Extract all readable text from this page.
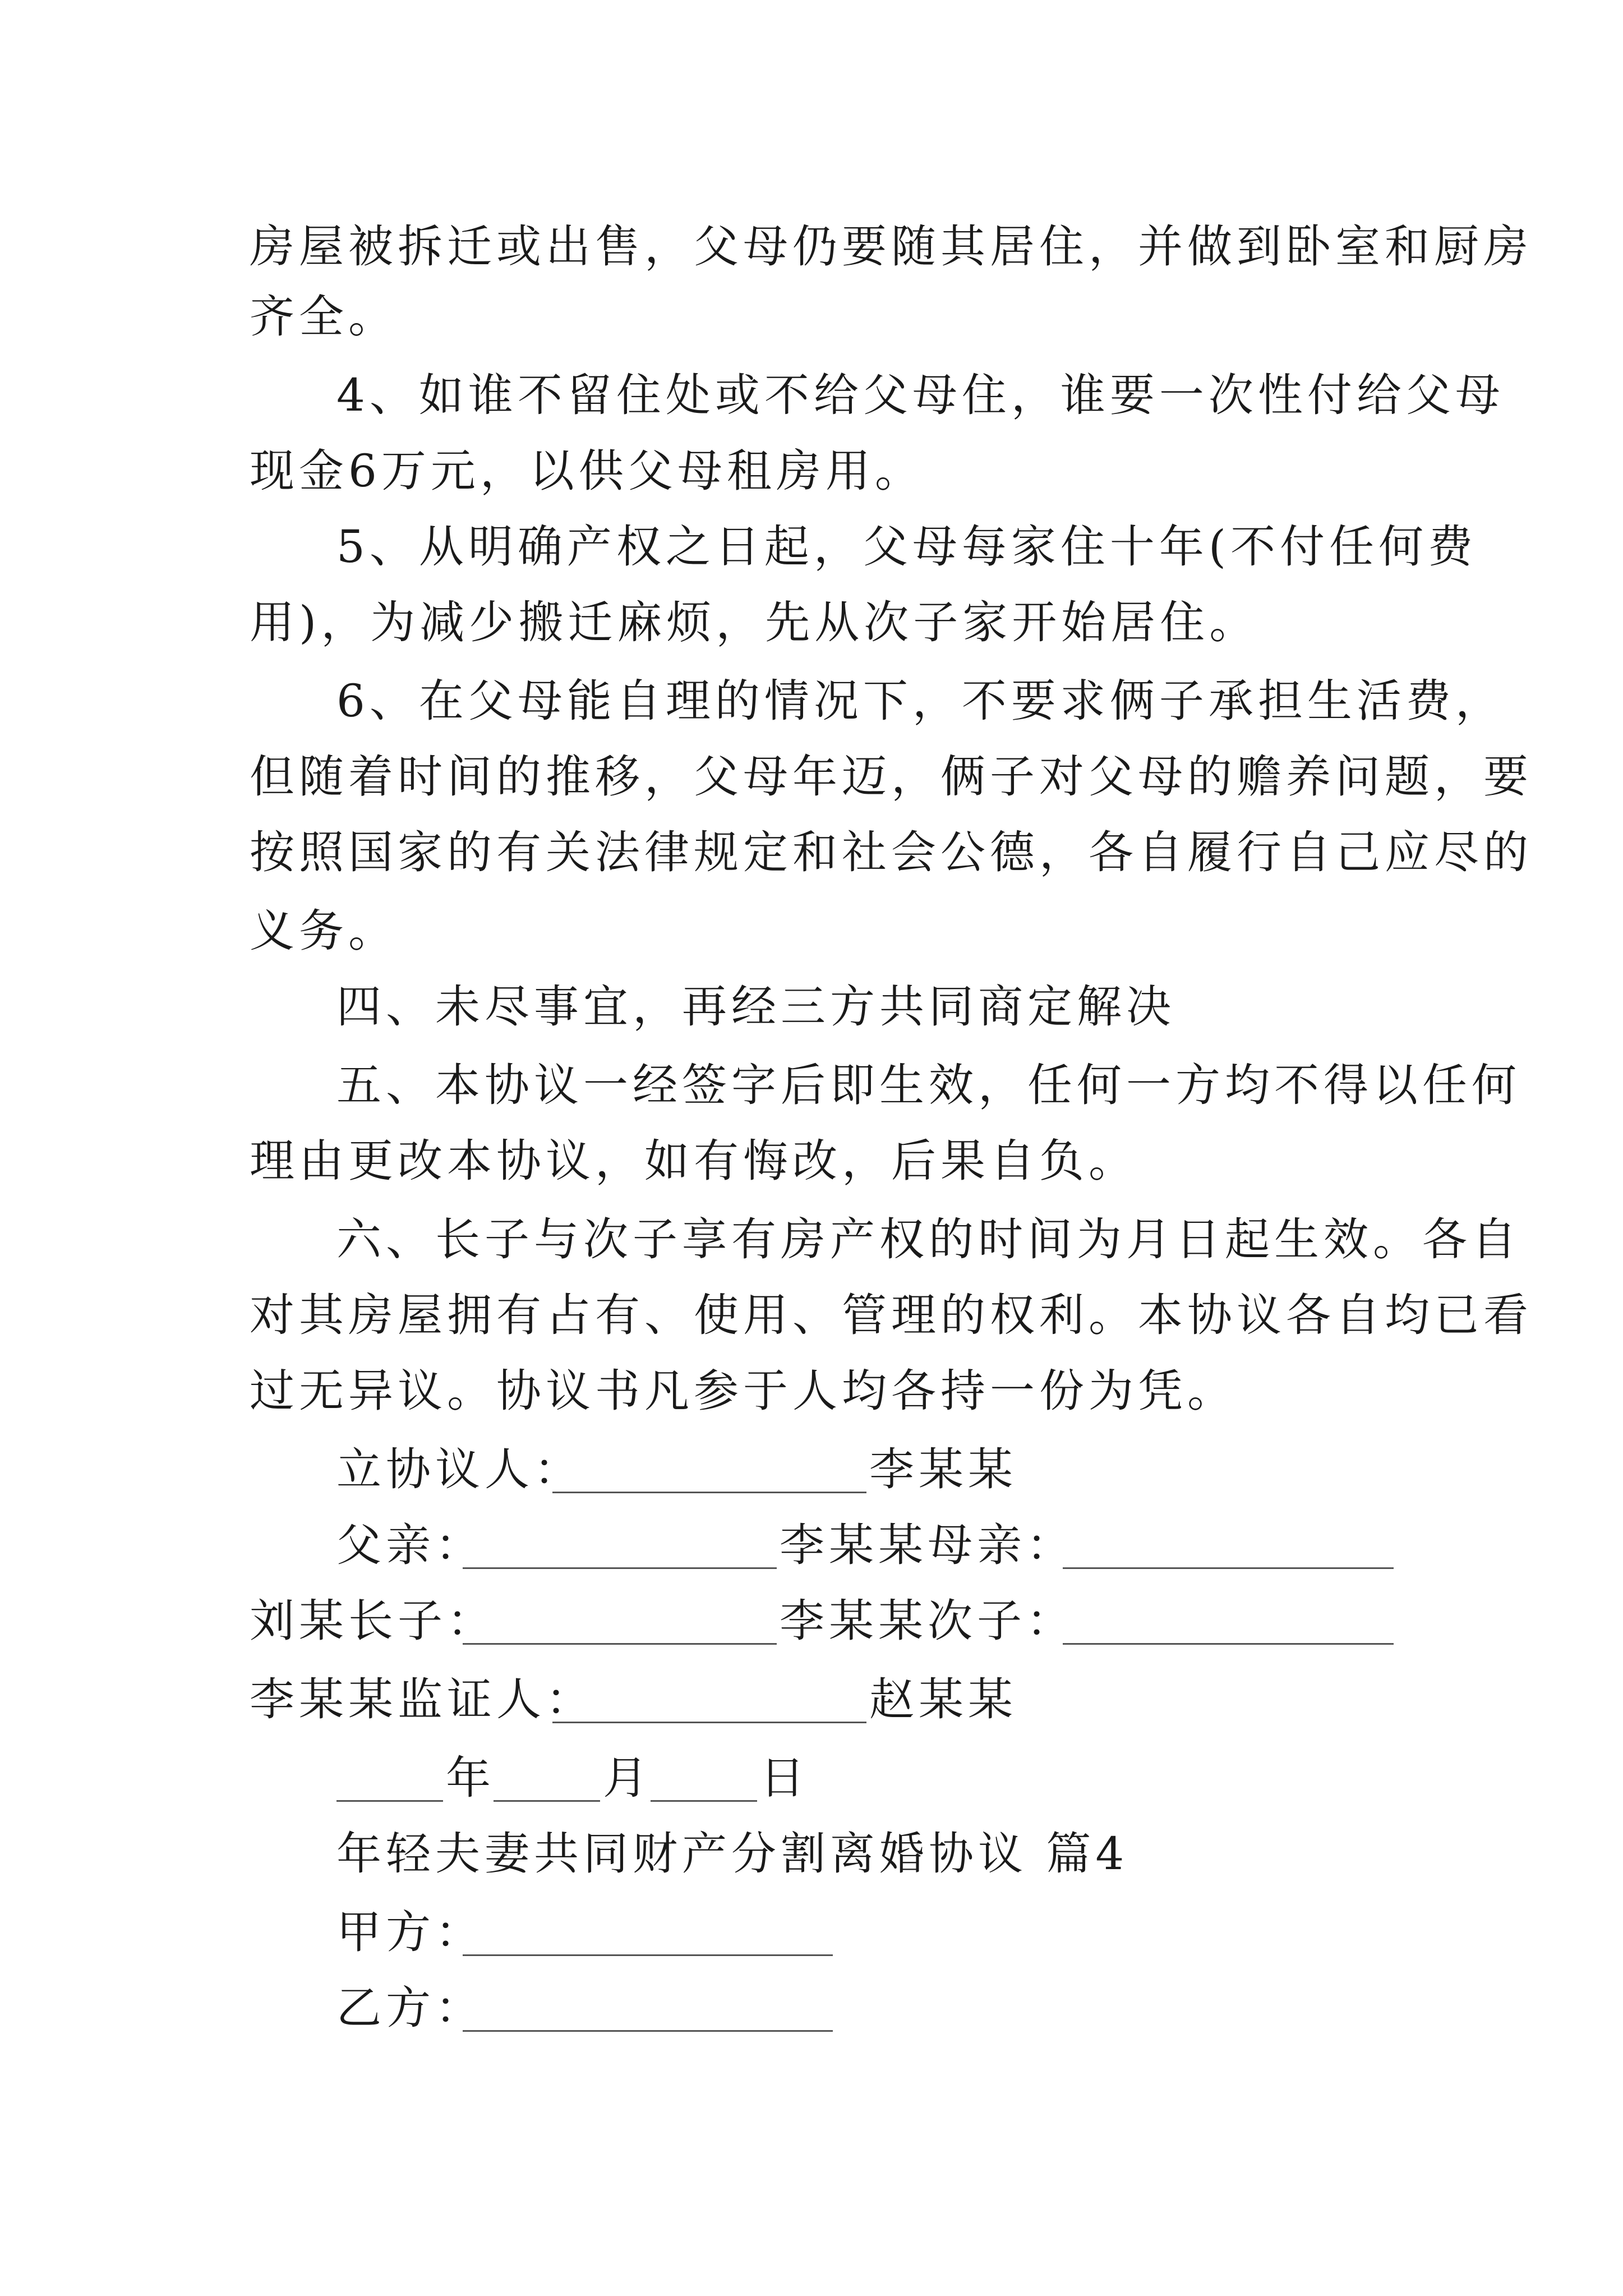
房屋被拆迁或出售，父母仍要随其居住，并做到卧室和厨房
齐全。
4、如谁不留住处或不给父母住，谁要一次性付给父母
现金6万元，以供父母租房用。
5、从明确产权之日起，父母每家住十年(不付任何费
用)，为减少搬迁麻烦，先从次子家开始居住。
6、在父母能自理的情况下，不要求俩子承担生活费，
但随着时间的推移，父母年迈，俩子对父母的赡养问题，要
按照国家的有关法律规定和社会公德，各自履行自己应尽的
义务。
四、未尽事宜，再经三方共同商定解决
五、本协议一经签字后即生效，任何一方均不得以任何
理由更改本协议，如有悔改，后果自负。
六、长子与次子享有房产权的时间为月日起生效。各自
对其房屋拥有占有、使用、管理的权利。本协议各自均已看
过无异议。协议书凡参于人均各持一份为凭。
立协议人：	李某某
父亲：	李某某母亲：
刘某长子：	李某某次子：
李某某监证人：	赵某某
年 月 日
年轻夫妻共同财产分割离婚协议 篇4
甲方：
乙方：
